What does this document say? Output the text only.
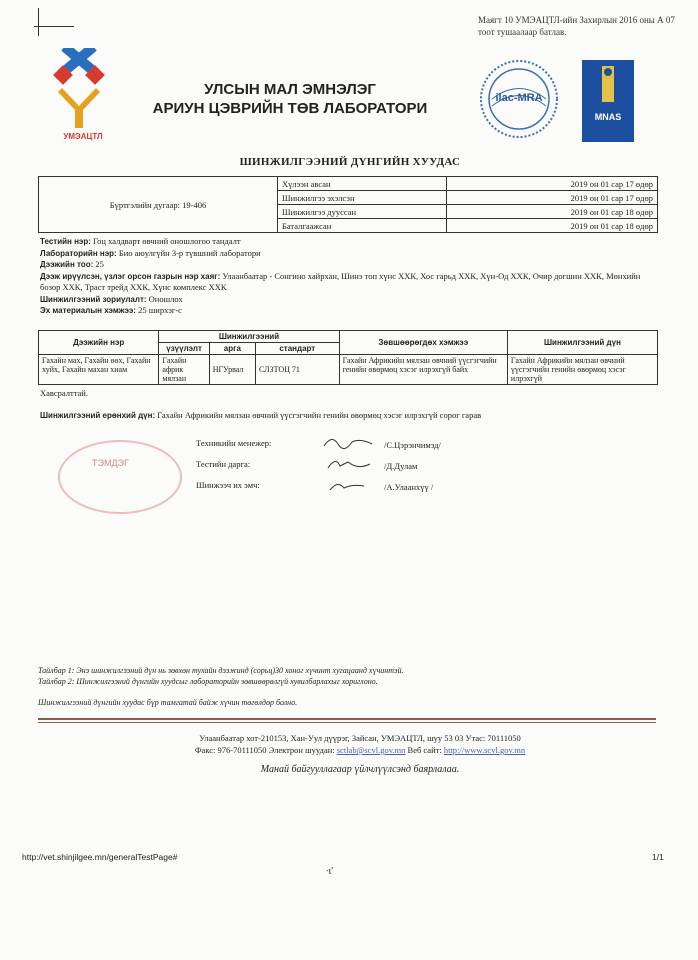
Маягт 10 УМЭАЦТЛ-ийн Захирлын 2016 оны А 07 тоот тушаалаар батлав.
УМЭАЦТЛ
УЛСЫН МАЛ ЭМНЭЛЭГ
АРИУН ЦЭВРИЙН ТӨВ ЛАБОРАТОРИ
ilac-MRA
MNAS
ШИНЖИЛГЭЭНИЙ ДҮНГИЙН ХУУДАС
Бүртгэлийн дугаар: 19-406	Хүлээн авсан	2019 он 01 сар 17 өдөр
	Шинжилгээ эхэлсэн	2019 он 01 сар 17 өдөр
	Шинжилгээ дууссан	2019 он 01 сар 18 өдөр
	Баталгаажсан	2019 он 01 сар 18 өдөр
Тестийн нэр: Гоц халдварт өвчний оношлогоо тандалт
Лабораторийн нэр: Био аюулгүйн 3-р түвшний лаборатори
Дээжийн тоо: 25
Дээж ирүүлсэн, үзлэг орсон газрын нэр хаяг: Улаанбаатар - Сонгино хайрхан, Шинэ топ хүнс ХХК, Хос гарьд ХХК, Хүн-Од ХХК, Очир догшин ХХК, Мөнхийн бозор ХХК, Траст трейд ХХК, Хүнс комплекс ХХК
Шинжилгээний зориулалт: Оношлох
Эх материалын хэмжээ: 25 ширхэг-с
Дээжийн нэр	Шинжилгээний			Зөвшөөрөгдөх хэмжээ	Шинжилгээний дүн
	үзүүлэлт	арга	стандарт		
Гахайн мах, Гахайн өөх, Гахайн хуйх, Гахайн махан хиам	Гахайн африк мялзан	НГУрвал	СЛЗТОЦ 71	Гахайн Африкийн мялзан өвчний үүсгэгчийн генийн өвөрмөц хэсэг илрэхгүй байх	Гахайн Африкийн мялзан өвчний үүсгэгчийн генийн өвөрмөц хэсэг илрэхгүй
Хавсралттай.
Шинжилгээний ерөнхий дүн: Гахайн Африкийн мялзан өвчний үүсгэгчийн генийн өвөрмөц хэсэг илрэхгүй сорог гарав
ТЭМДЭГ
Техникийн менежер:
Тестийн дарга:
Шинжээч их эмч:
/С.Цэрэнчимэд/
/Д.Дулам
/А.Улаанхүү /
Тайлбар 1: Энэ шинжилгээний дүн нь зөвхөн тухайн дээжинд (сорьц)30 хоног хүчинт хугацаанд хүчинтэй.
Тайлбар 2: Шинжилгээний дүнгийн хуудсыг лабораторийн зөвшөөрөлгүй хувилбарлахыг хориглоно.
Шинжилгээний дүнгийн хуудас бүр тамгатай байж хүчин төгөлдөр болно.
Улаанбаатар хот-210153, Хан-Уул дүүрэг, Зайсан, УМЭАЦТЛ, шуу 53 03 Утас: 70111050
Факс: 976-70111050 Электрон шуудан: sctlab@scvl.gov.mn Веб сайт: http://www.scvl.gov.mn
Манай байгууллагаар үйлчлүүлсэнд баярлалаа.
http://vet.shinjilgee.mn/generalTestPage#	1/1
∙ɩ'
